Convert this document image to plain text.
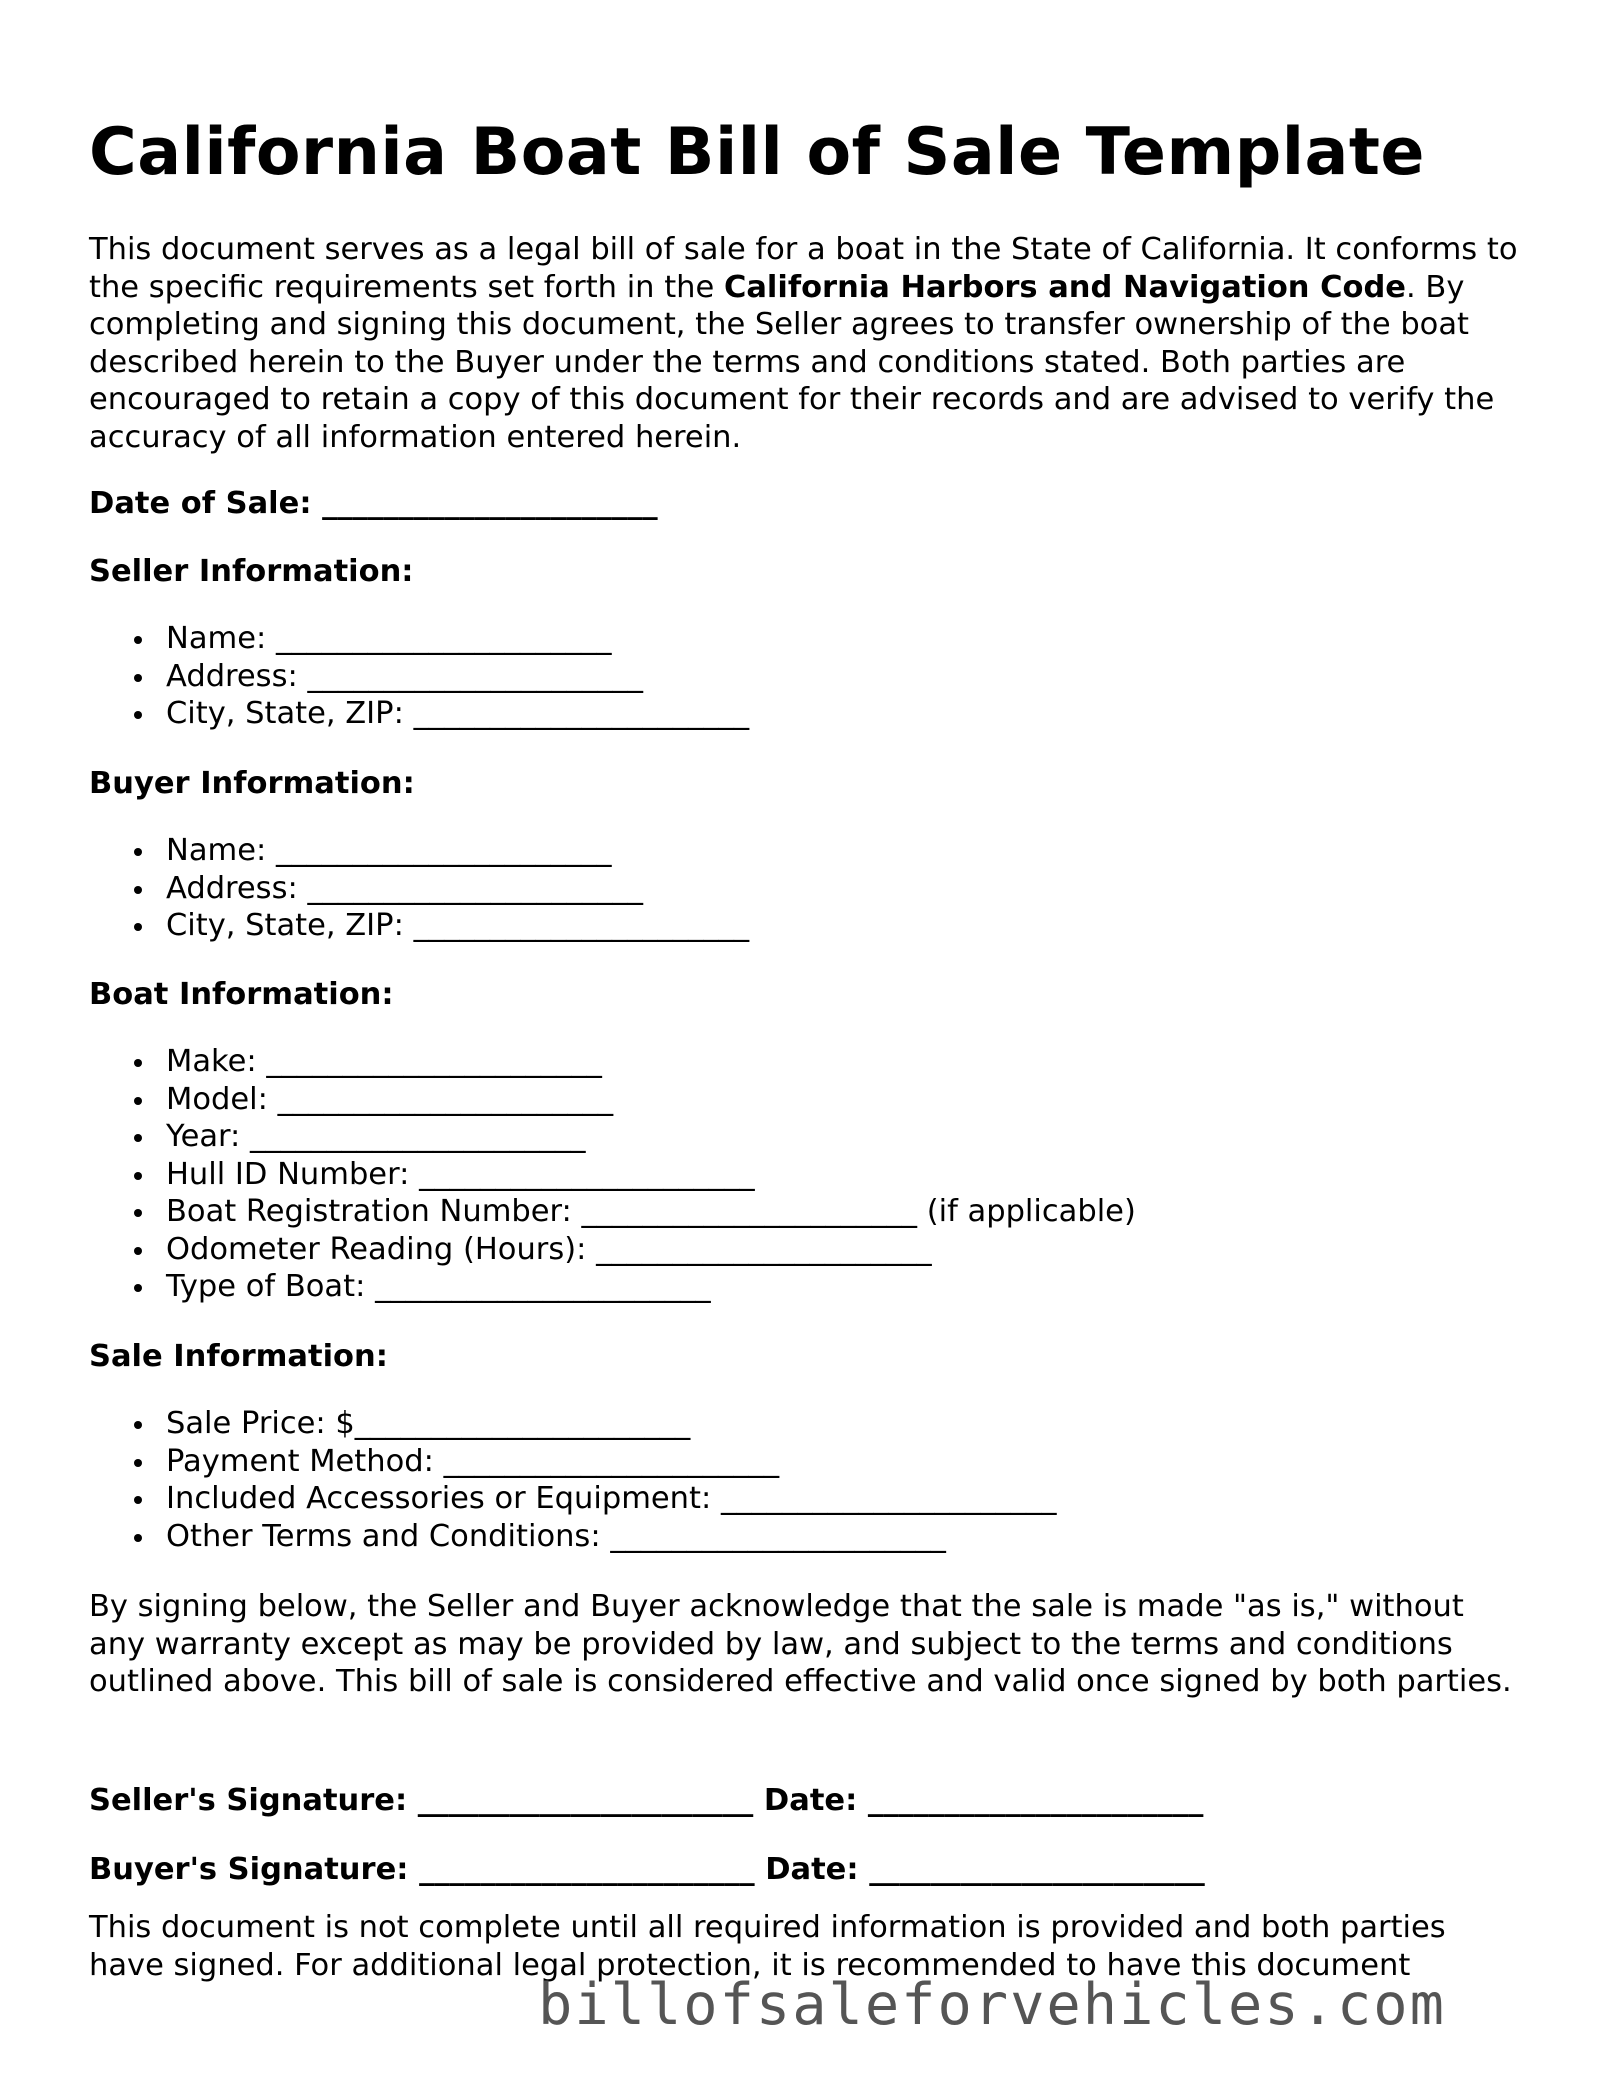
California Boat Bill of Sale Template

This document serves as a legal bill of sale for a boat in the State of California. It conforms to the specific requirements set forth in the California Harbors and Navigation Code. By completing and signing this document, the Seller agrees to transfer ownership of the boat described herein to the Buyer under the terms and conditions stated. Both parties are encouraged to retain a copy of this document for their records and are advised to verify the accuracy of all information entered herein.

Date of Sale: ______________________
Seller Information:
Name: ______________________
Address: ______________________
City, State, ZIP: ______________________
Buyer Information:
Name: ______________________
Address: ______________________
City, State, ZIP: ______________________
Boat Information:
Make: ______________________
Model: ______________________
Year: ______________________
Hull ID Number: ______________________
Boat Registration Number: ______________________ (if applicable)
Odometer Reading (Hours): ______________________
Type of Boat: ______________________
Sale Information:
Sale Price: $______________________
Payment Method: ______________________
Included Accessories or Equipment: ______________________
Other Terms and Conditions: ______________________

By signing below, the Seller and Buyer acknowledge that the sale is made "as is," without any warranty except as may be provided by law, and subject to the terms and conditions outlined above. This bill of sale is considered effective and valid once signed by both parties.

Seller's Signature: ______________________ Date: ______________________
Buyer's Signature: ______________________ Date: ______________________

This document is not complete until all required information is provided and both parties have signed. For additional legal protection, it is recommended to have this document

billofsaleforvehicles.com
